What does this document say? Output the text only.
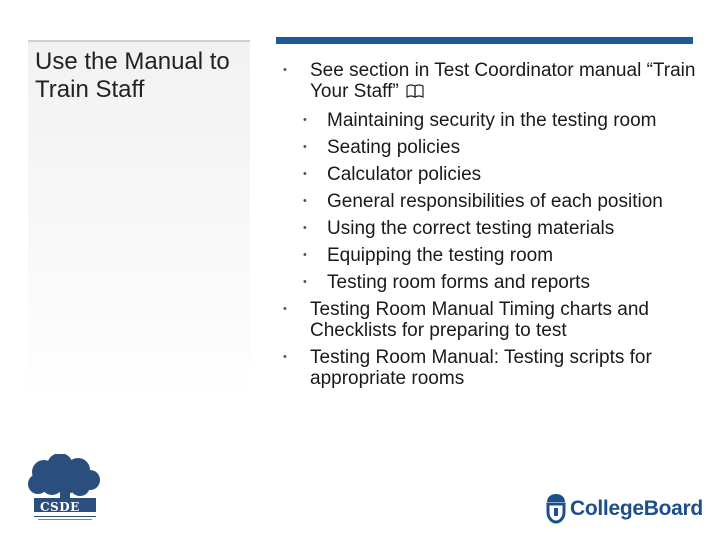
Use the Manual to Train Staff
• See section in Test Coordinator manual “Train Your Staff”
• Maintaining security in the testing room
• Seating policies
• Calculator policies
• General responsibilities of each position
• Using the correct testing materials
• Equipping the testing room
• Testing room forms and reports
• Testing Room Manual Timing charts and Checklists for preparing to test
• Testing Room Manual: Testing scripts for appropriate rooms
CSDE	CollegeBoard
